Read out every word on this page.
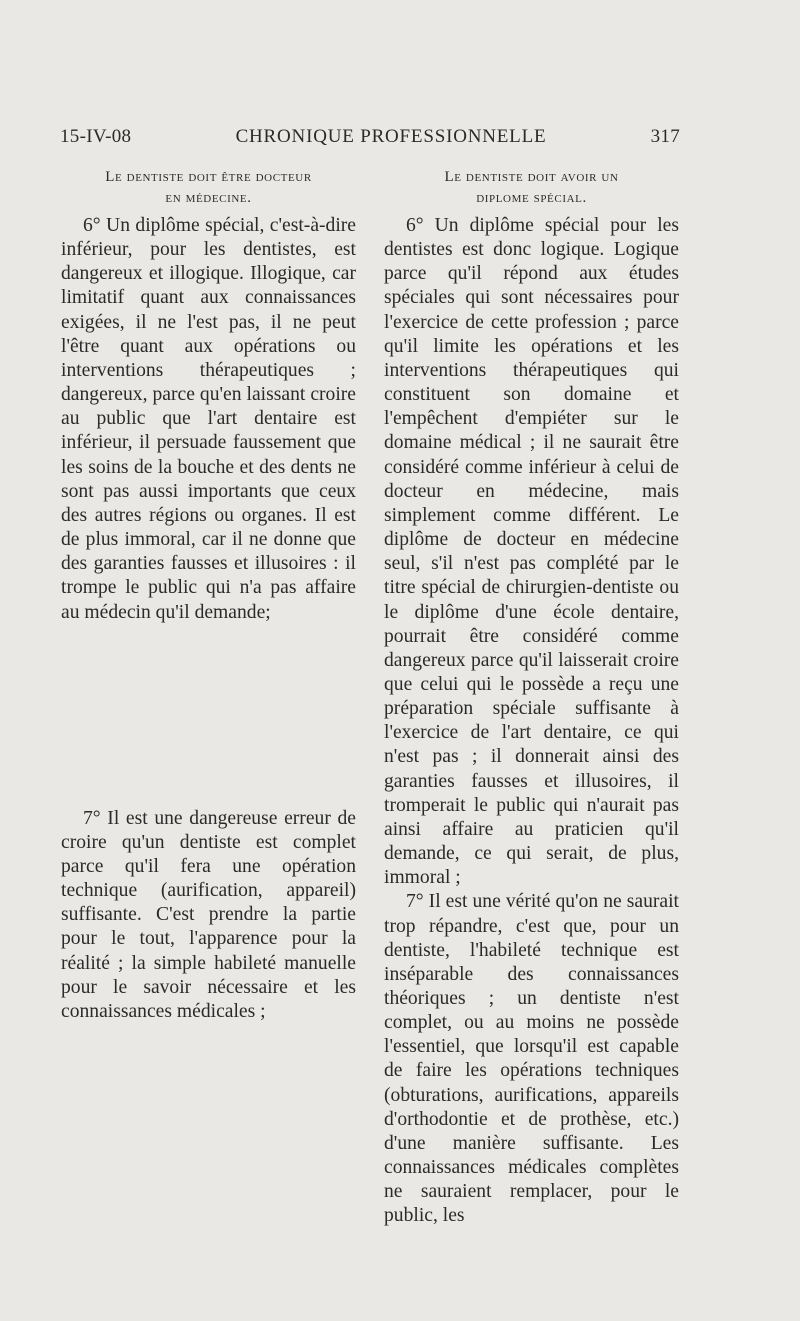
15-IV-08	CHRONIQUE PROFESSIONNELLE	317
Le dentiste doit être docteur
en médecine.

6° Un diplôme spécial, c'est-à-dire inférieur, pour les dentistes, est dangereux et illogique. Illogique, car limitatif quant aux connaissances exigées, il ne l'est pas, il ne peut l'être quant aux opérations ou interventions thérapeutiques ; dangereux, parce qu'en laissant croire au public que l'art dentaire est inférieur, il persuade faussement que les soins de la bouche et des dents ne sont pas aussi importants que ceux des autres régions ou organes. Il est de plus immoral, car il ne donne que des garanties fausses et illusoires : il trompe le public qui n'a pas affaire au médecin qu'il demande;

7° Il est une dangereuse erreur de croire qu'un dentiste est complet parce qu'il fera une opération technique (aurification, appareil) suffisante. C'est prendre la partie pour le tout, l'apparence pour la réalité ; la simple habileté manuelle pour le savoir nécessaire et les connaissances médicales ;

Le dentiste doit avoir un
diplome spécial.

6° Un diplôme spécial pour les dentistes est donc logique. Logique parce qu'il répond aux études spéciales qui sont nécessaires pour l'exercice de cette profession ; parce qu'il limite les opérations et les interventions thérapeutiques qui constituent son domaine et l'empêchent d'empiéter sur le domaine médical ; il ne saurait être considéré comme inférieur à celui de docteur en médecine, mais simplement comme différent. Le diplôme de docteur en médecine seul, s'il n'est pas complété par le titre spécial de chirurgien-dentiste ou le diplôme d'une école dentaire, pourrait être considéré comme dangereux parce qu'il laisserait croire que celui qui le possède a reçu une préparation spéciale suffisante à l'exercice de l'art dentaire, ce qui n'est pas ; il donnerait ainsi des garanties fausses et illusoires, il tromperait le public qui n'aurait pas ainsi affaire au praticien qu'il demande, ce qui serait, de plus, immoral ;

7° Il est une vérité qu'on ne saurait trop répandre, c'est que, pour un dentiste, l'habileté technique est inséparable des connaissances théoriques ; un dentiste n'est complet, ou au moins ne possède l'essentiel, que lorsqu'il est capable de faire les opérations techniques (obturations, aurifications, appareils d'orthodontie et de prothèse, etc.) d'une manière suffisante. Les connaissances médicales complètes ne sauraient remplacer, pour le public, les
